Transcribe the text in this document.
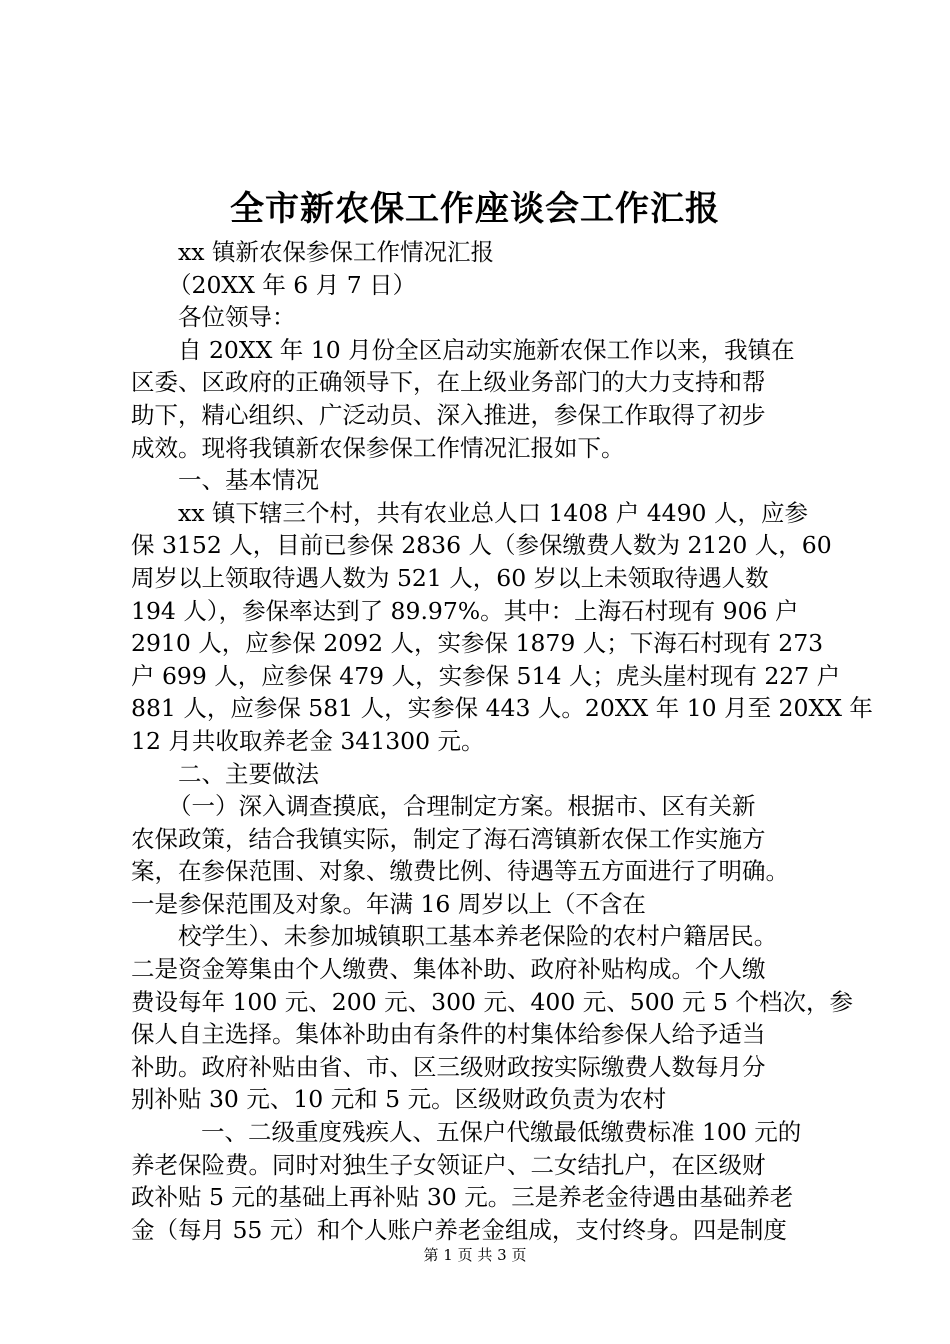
全市新农保工作座谈会工作汇报
xx 镇新农保参保工作情况汇报
（20XX 年 6 月 7 日）
各位领导：
自 20XX 年 10 月份全区启动实施新农保工作以来，我镇在
区委、区政府的正确领导下，在上级业务部门的大力支持和帮
助下，精心组织、广泛动员、深入推进，参保工作取得了初步
成效。现将我镇新农保参保工作情况汇报如下。
一、基本情况
xx 镇下辖三个村，共有农业总人口 1408 户 4490 人，应参
保 3152 人，目前已参保 2836 人（参保缴费人数为 2120 人，60
周岁以上领取待遇人数为 521 人，60 岁以上未领取待遇人数
194 人），参保率达到了 89.97%。其中：上海石村现有 906 户
2910 人，应参保 2092 人，实参保 1879 人；下海石村现有 273
户 699 人，应参保 479 人，实参保 514 人；虎头崖村现有 227 户
881 人，应参保 581 人，实参保 443 人。20XX 年 10 月至 20XX 年
12 月共收取养老金 341300 元。
二、主要做法
（一）深入调查摸底，合理制定方案。根据市、区有关新
农保政策，结合我镇实际，制定了海石湾镇新农保工作实施方
案，在参保范围、对象、缴费比例、待遇等五方面进行了明确。
一是参保范围及对象。年满 16 周岁以上（不含在
校学生）、未参加城镇职工基本养老保险的农村户籍居民。
二是资金筹集由个人缴费、集体补助、政府补贴构成。个人缴
费设每年 100 元、200 元、300 元、400 元、500 元 5 个档次，参
保人自主选择。集体补助由有条件的村集体给参保人给予适当
补助。政府补贴由省、市、区三级财政按实际缴费人数每月分
别补贴 30 元、10 元和 5 元。区级财政负责为农村
一、二级重度残疾人、五保户代缴最低缴费标准 100 元的
养老保险费。同时对独生子女领证户、二女结扎户，在区级财
政补贴 5 元的基础上再补贴 30 元。三是养老金待遇由基础养老
金（每月 55 元）和个人账户养老金组成，支付终身。四是制度
第 1 页 共 3 页
